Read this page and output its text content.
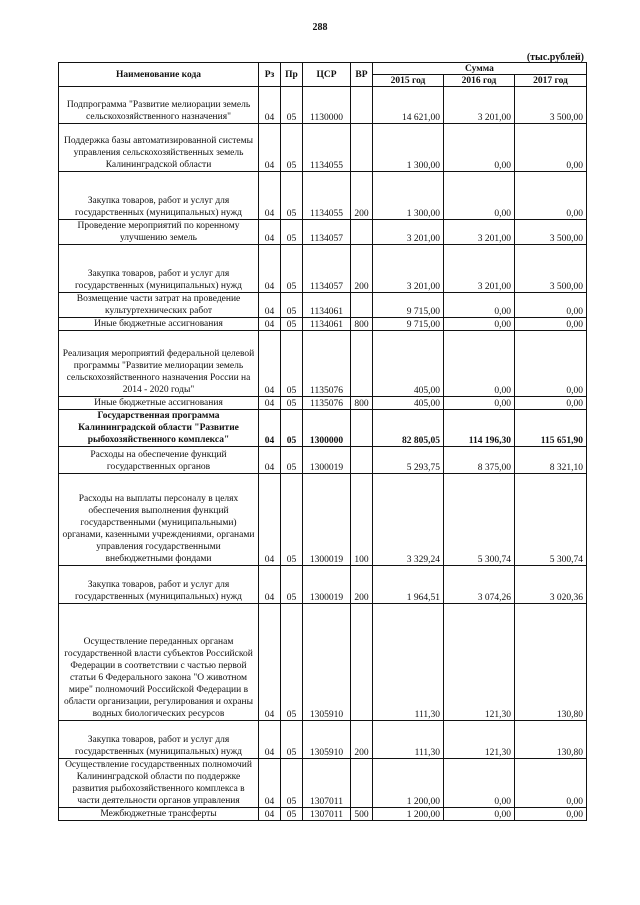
288
(тыс.рублей)
Наименование кода	Рз	Пр	ЦСР	ВР	Сумма		
					2015 год	2016 год	2017 год
Подпрограмма "Развитие мелиорации земель сельскохозяйственного назначения"	04	05	1130000		14 621,00	3 201,00	3 500,00
Поддержка базы автоматизированной системы управления сельскохозяйственных земель Калининградской области	04	05	1134055		1 300,00	0,00	0,00
Закупка товаров, работ и услуг для государственных (муниципальных) нужд	04	05	1134055	200	1 300,00	0,00	0,00
Проведение мероприятий по коренному улучшению земель	04	05	1134057		3 201,00	3 201,00	3 500,00
Закупка товаров, работ и услуг для государственных (муниципальных) нужд	04	05	1134057	200	3 201,00	3 201,00	3 500,00
Возмещение части затрат на проведение культуртехнических работ	04	05	1134061		9 715,00	0,00	0,00
Иные бюджетные ассигнования	04	05	1134061	800	9 715,00	0,00	0,00
Реализация мероприятий федеральной целевой программы "Развитие мелиорации земель сельскохозяйственного назначения России на 2014 - 2020 годы"	04	05	1135076		405,00	0,00	0,00
Иные бюджетные ассигнования	04	05	1135076	800	405,00	0,00	0,00
Государственная программа Калининградской области "Развитие рыбохозяйственного комплекса"	04	05	1300000		82 805,05	114 196,30	115 651,90
Расходы на обеспечение функций государственных органов	04	05	1300019		5 293,75	8 375,00	8 321,10
Расходы на выплаты персоналу в целях обеспечения выполнения функций государственными (муниципальными) органами, казенными учреждениями, органами управления государственными внебюджетными фондами	04	05	1300019	100	3 329,24	5 300,74	5 300,74
Закупка товаров, работ и услуг для государственных (муниципальных) нужд	04	05	1300019	200	1 964,51	3 074,26	3 020,36
Осуществление переданных органам государственной власти субъектов Российской Федерации в соответствии с частью первой статьи 6 Федерального закона "О животном мире" полномочий Российской Федерации в области организации, регулирования и охраны водных биологических ресурсов	04	05	1305910		111,30	121,30	130,80
Закупка товаров, работ и услуг для государственных (муниципальных) нужд	04	05	1305910	200	111,30	121,30	130,80
Осуществление государственных полномочий Калининградской области по поддержке развития рыбохозяйственного комплекса в части деятельности органов управления	04	05	1307011		1 200,00	0,00	0,00
Межбюджетные трансферты	04	05	1307011	500	1 200,00	0,00	0,00
